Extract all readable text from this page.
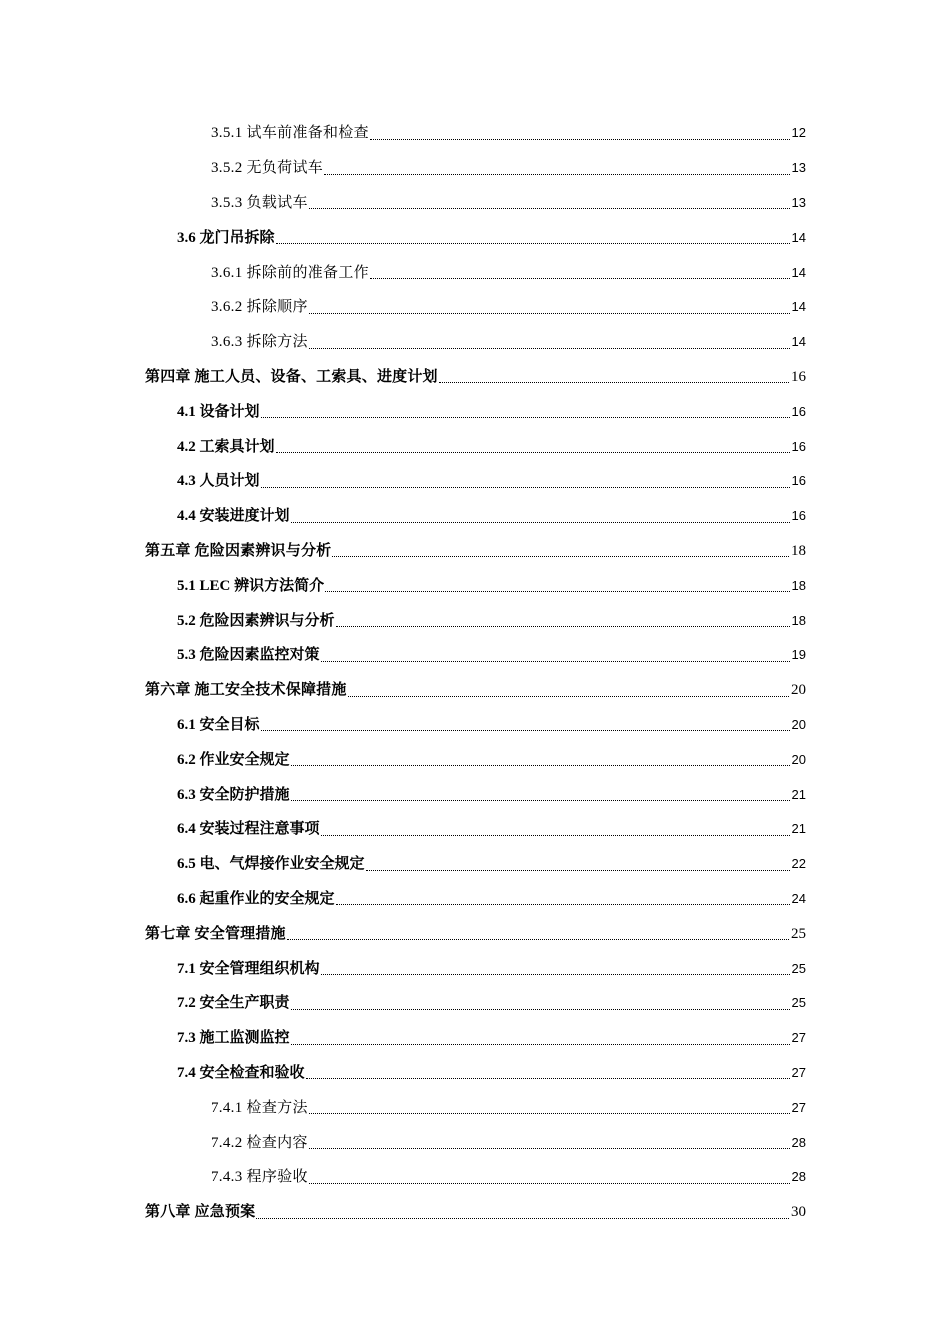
3.5.1 试车前准备和检查	12
3.5.2 无负荷试车	13
3.5.3 负载试车	13
3.6 龙门吊拆除	14
3.6.1 拆除前的准备工作	14
3.6.2 拆除顺序	14
3.6.3 拆除方法	14
第四章 施工人员、设备、工索具、进度计划	16
4.1 设备计划	16
4.2 工索具计划	16
4.3 人员计划	16
4.4 安装进度计划	16
第五章 危险因素辨识与分析	18
5.1 LEC 辨识方法简介	18
5.2 危险因素辨识与分析	18
5.3 危险因素监控对策	19
第六章 施工安全技术保障措施	20
6.1 安全目标	20
6.2 作业安全规定	20
6.3 安全防护措施	21
6.4 安装过程注意事项	21
6.5 电、气焊接作业安全规定	22
6.6 起重作业的安全规定	24
第七章 安全管理措施	25
7.1 安全管理组织机构	25
7.2 安全生产职责	25
7.3 施工监测监控	27
7.4 安全检查和验收	27
7.4.1 检查方法	27
7.4.2 检查内容	28
7.4.3 程序验收	28
第八章 应急预案	30
